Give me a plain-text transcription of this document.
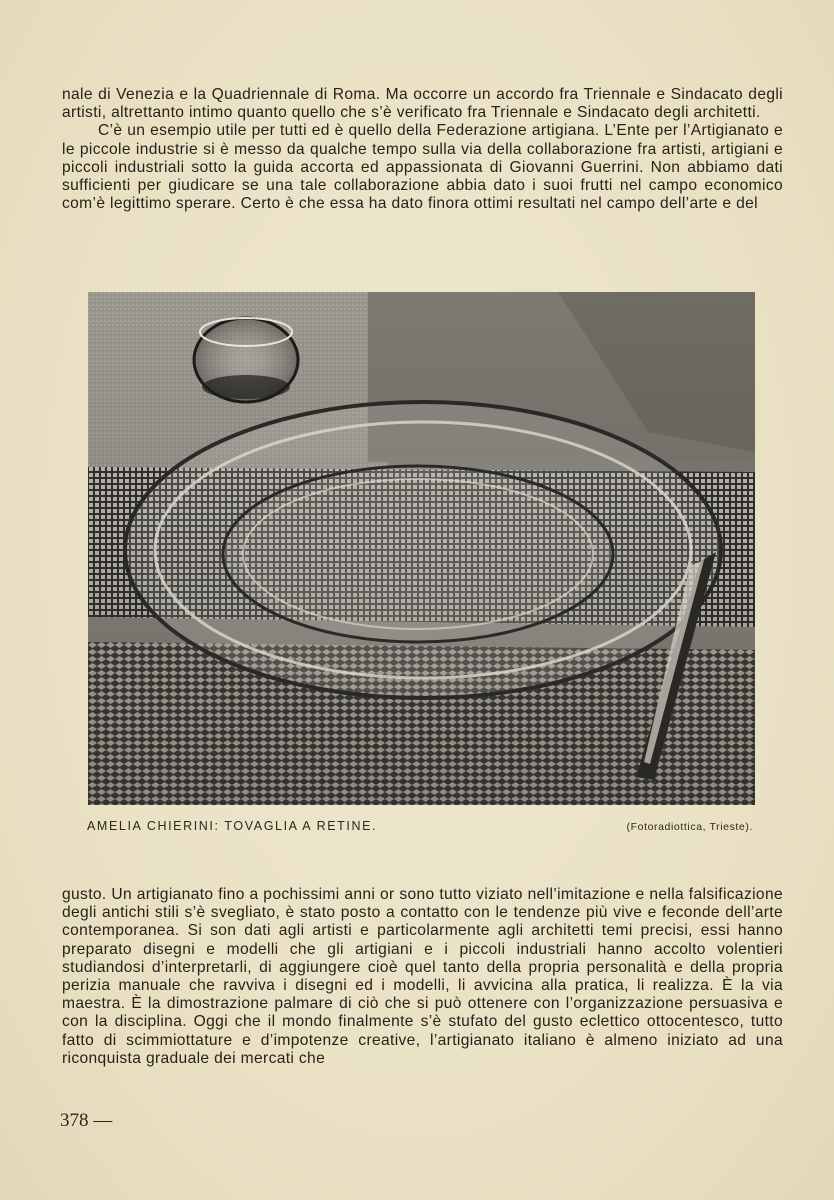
nale di Venezia e la Quadriennale di Roma. Ma occorre un accordo fra Triennale e Sindacato degli artisti, altrettanto intimo quanto quello che s’è verificato fra Triennale e Sindacato degli architetti.

C’è un esempio utile per tutti ed è quello della Federazione artigiana. L’Ente per l’Artigianato e le piccole industrie si è messo da qualche tempo sulla via della collaborazione fra artisti, artigiani e piccoli industriali sotto la guida accorta ed appassionata di Giovanni Guerrini. Non abbiamo dati sufficienti per giudicare se una tale collaborazione abbia dato i suoi frutti nel campo economico com’è legittimo sperare. Certo è che essa ha dato finora ottimi resultati nel campo dell’arte e del

AMELIA CHIERINI: TOVAGLIA A RETINE.	(Fotoradiottica, Trieste).

gusto. Un artigianato fino a pochissimi anni or sono tutto viziato nell’imitazione e nella falsificazione degli antichi stili s’è svegliato, è stato posto a contatto con le tendenze più vive e feconde dell’arte contemporanea. Si son dati agli artisti e particolarmente agli architetti temi precisi, essi hanno preparato disegni e modelli che gli artigiani e i piccoli industriali hanno accolto volentieri studiandosi d’interpretarli, di aggiungere cioè quel tanto della propria personalità e della propria perizia manuale che ravviva i disegni ed i modelli, li avvicina alla pratica, li realizza. È la via maestra. È la dimostrazione palmare di ciò che si può ottenere con l’organizzazione persuasiva e con la disciplina. Oggi che il mondo finalmente s’è stufato del gusto eclettico ottocentesco, tutto fatto di scimmiottature e d’impotenze creative, l’artigianato italiano è almeno iniziato ad una riconquista graduale dei mercati che

378 —
